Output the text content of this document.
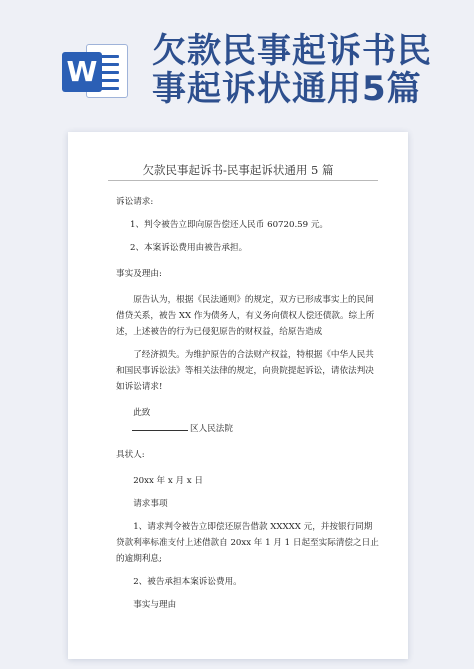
W
欠款民事起诉书民事起诉状通用5篇

欠款民事起诉书-民事起诉状通用 5 篇

诉讼请求:

1、判令被告立即向原告偿还人民币 60720.59 元。

2、本案诉讼费用由被告承担。

事实及理由:

原告认为，根据《民法通则》的规定，双方已形成事实上的民间借贷关系，被告 XX 作为债务人，有义务向债权人偿还债款。综上所述，上述被告的行为已侵犯原告的财权益，给原告造成

了经济损失。为维护原告的合法财产权益，特根据《中华人民共和国民事诉讼法》等相关法律的规定，向贵院提起诉讼，请依法判决如诉讼请求!

此致

区人民法院

具状人:

20xx 年 x 月 x 日

请求事项

1、请求判令被告立即偿还原告借款 XXXXX 元，并按银行同期贷款利率标准支付上述借款自 20xx 年 1 月 1 日起至实际清偿之日止的逾期利息;

2、被告承担本案诉讼费用。

事实与理由
